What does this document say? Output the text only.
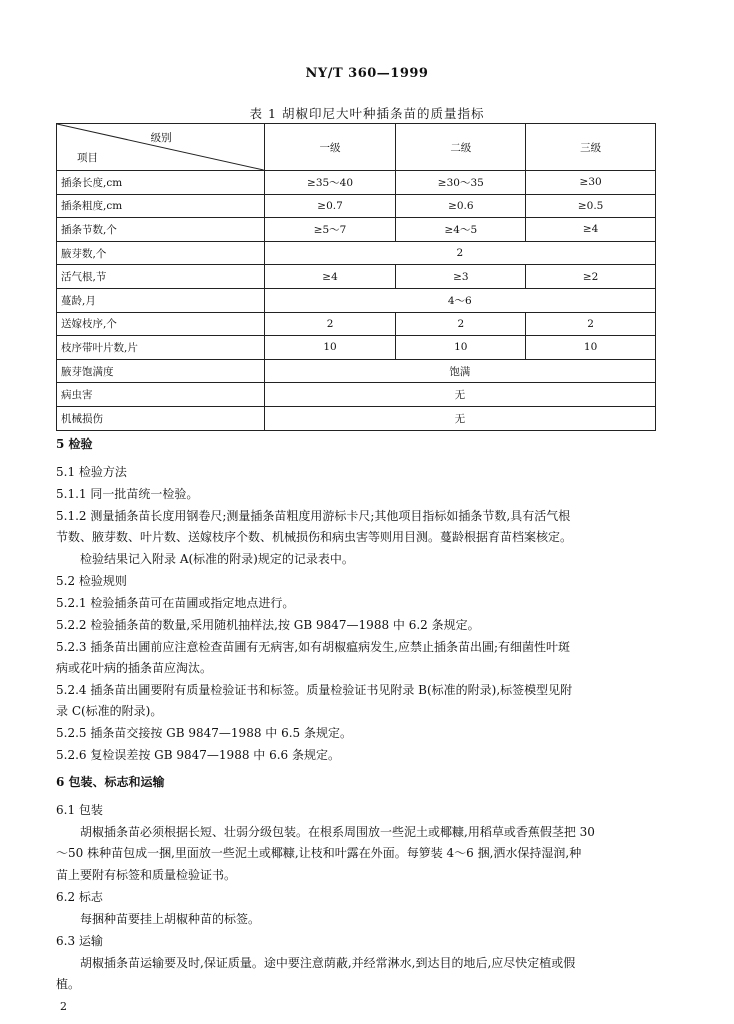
NY/T 360—1999
表 1 胡椒印尼大叶种插条苗的质量指标
级别
项目	一级	二级	三级
插条长度,cm	≥35～40	≥30～35	≥30
插条粗度,cm	≥0.7	≥0.6	≥0.5
插条节数,个	≥5～7	≥4～5	≥4
腋芽数,个	2		
活气根,节	≥4	≥3	≥2
蔓龄,月	4～6		
送嫁枝序,个	2	2	2
枝序带叶片数,片	10	10	10
腋芽饱满度	饱满		
病虫害	无		
机械损伤	无		
5 检验
5.1 检验方法
5.1.1 同一批苗统一检验。
5.1.2 测量插条苗长度用钢卷尺;测量插条苗粗度用游标卡尺;其他项目指标如插条节数,具有活气根
节数、腋芽数、叶片数、送嫁枝序个数、机械损伤和病虫害等则用目测。蔓龄根据育苗档案核定。
检验结果记入附录 A(标准的附录)规定的记录表中。
5.2 检验规则
5.2.1 检验插条苗可在苗圃或指定地点进行。
5.2.2 检验插条苗的数量,采用随机抽样法,按 GB 9847—1988 中 6.2 条规定。
5.2.3 插条苗出圃前应注意检查苗圃有无病害,如有胡椒瘟病发生,应禁止插条苗出圃;有细菌性叶斑
病或花叶病的插条苗应淘汰。
5.2.4 插条苗出圃要附有质量检验证书和标签。质量检验证书见附录 B(标准的附录),标签模型见附
录 C(标准的附录)。
5.2.5 插条苗交接按 GB 9847—1988 中 6.5 条规定。
5.2.6 复检误差按 GB 9847—1988 中 6.6 条规定。
6 包装、标志和运输
6.1 包装
胡椒插条苗必须根据长短、壮弱分级包装。在根系周围放一些泥土或椰糠,用稻草或香蕉假茎把 30
～50 株种苗包成一捆,里面放一些泥土或椰糠,让枝和叶露在外面。每箩装 4～6 捆,洒水保持湿润,种
苗上要附有标签和质量检验证书。
6.2 标志
每捆种苗要挂上胡椒种苗的标签。
6.3 运输
胡椒插条苗运输要及时,保证质量。途中要注意荫蔽,并经常淋水,到达目的地后,应尽快定植或假
植。
2
